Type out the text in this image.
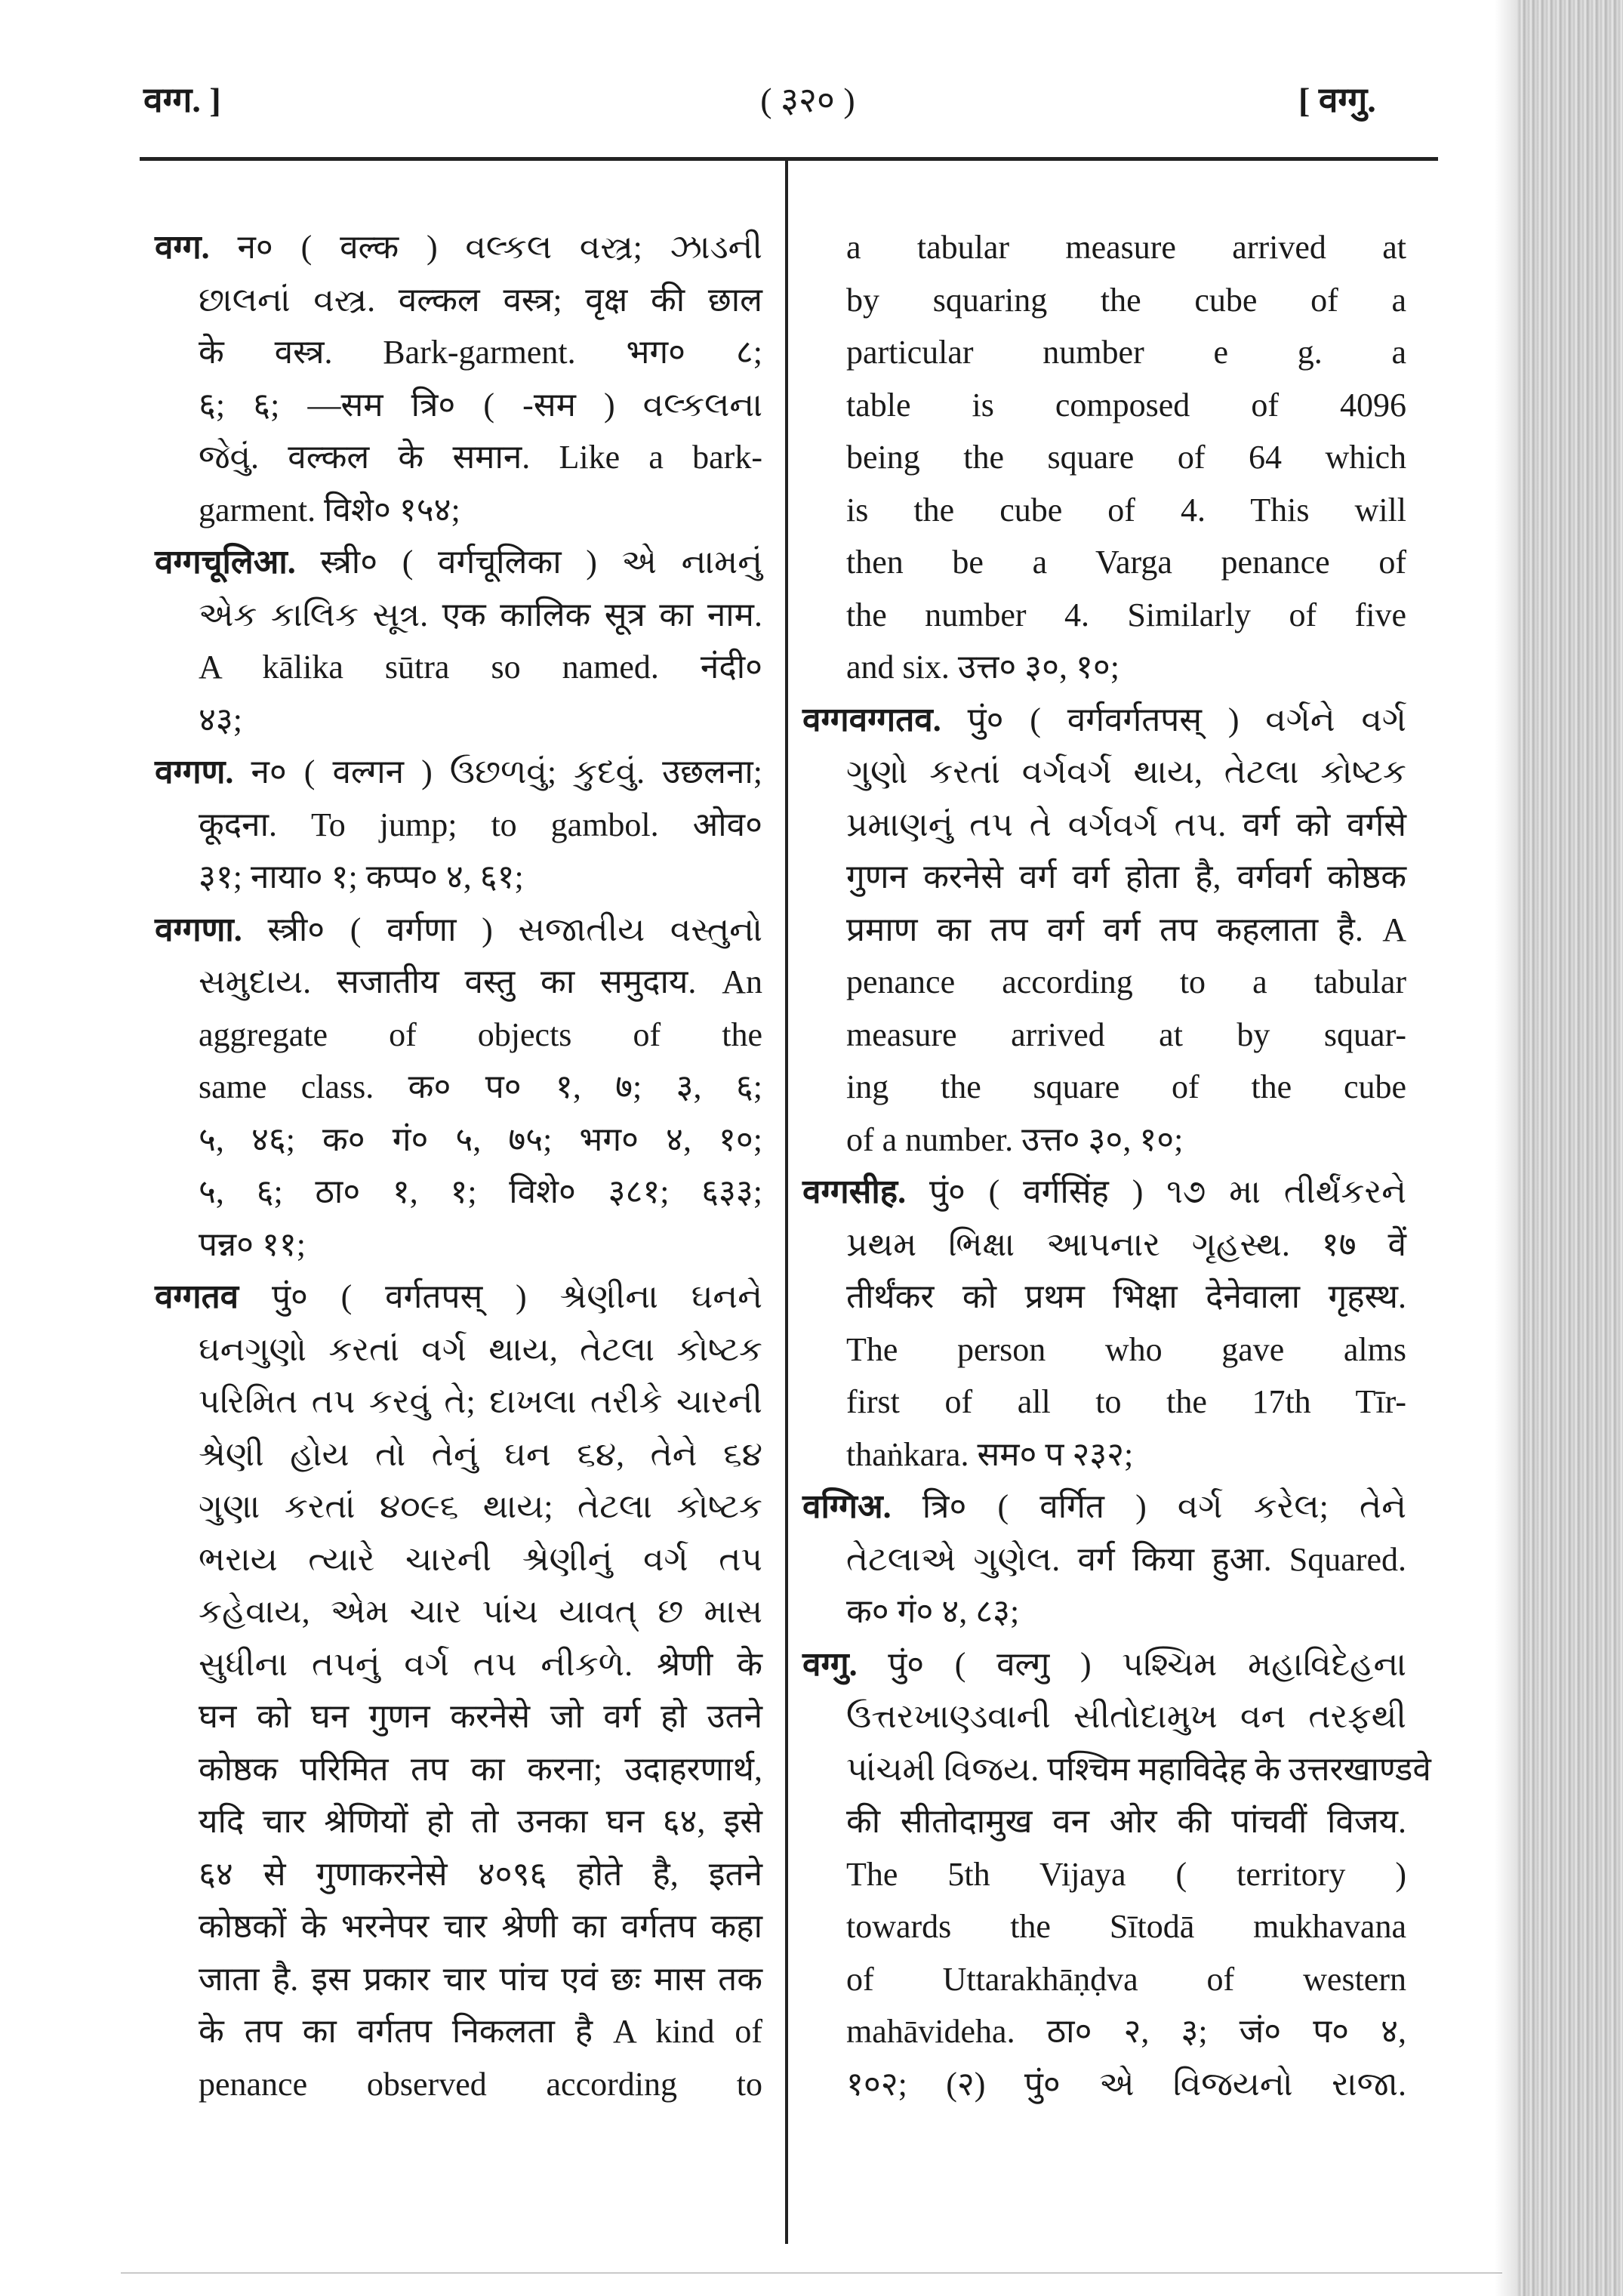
वग्ग. ]	( ३२० )	[ वग्गु.
वग्ग. न० ( वल्क ) વલ્કલ વસ્ત્ર; ઝાડની
છાલનાં વસ્ત્ર. वल्कल वस्त्र; वृक्ष की छाल
के वस्त्र. Bark-garment. भग० ८;
६; ६; —सम त्रि० ( -सम ) વલ્કલના
જેવું. वल्कल के समान. Like a bark-
garment. विशे० १५४;
वग्गचूलिआ. स्त्री० ( वर्गचूलिका ) એ નામનું
એક કાલિક સૂત્ર. एक कालिक सूत्र का नाम.
A kālika sūtra so named. नंदी०
४३;
वग्गण. न० ( वल्गन ) ઉછળવું; કુદવું. उछलना;
कूदना. To jump; to gambol. ओव०
३१; नाया० १; कप्प० ४, ६१;
वग्गणा. स्त्री० ( वर्गणा ) સજાતીય વસ્તુનો
સમુદાય. सजातीय वस्तु का समुदाय. An
aggregate of objects of the
same class. क० प० १, ७; ३, ६;
५, ४६; क० गं० ५, ७५; भग० ४, १०;
५, ६; ठा० १, १; विशे० ३८१; ६३३;
पन्न० ११;
वग्गतव पुं० ( वर्गतपस् ) શ્રેણીના ઘનને
ઘનગુણો કરતાં વર્ગ થાય, તેટલા કોષ્ટક
પરિમિત તપ કરવું તે; દાખલા તરીકે ચારની
શ્રેણી હોય તો તેનું ઘન ૬૪, તેને ૬૪
ગુણા કરતાં ૪૦૯૬ થાય; તેટલા કોષ્ટક
ભરાય ત્યારે ચારની શ્રેણીનું વર્ગ તપ
કહેવાય, એમ ચાર પાંચ યાવત્ છ માસ
સુધીના તપનું વર્ગ તપ નીકળે. श्रेणी के
घन को घन गुणन करनेसे जो वर्ग हो उतने
कोष्ठक परिमित तप का करना; उदाहरणार्थ,
यदि चार श्रेणियों हो तो उनका घन ६४, इसे
६४ से गुणाकरनेसे ४०९६ होते है, इतने
कोष्ठकों के भरनेपर चार श्रेणी का वर्गतप कहा
जाता है. इस प्रकार चार पांच एवं छः मास तक
के तप का वर्गतप निकलता है A kind of
penance observed according to
a tabular measure arrived at
by squaring the cube of a
particular number e g. a
table is composed of 4096
being the square of 64 which
is the cube of 4. This will
then be a Varga penance of
the number 4. Similarly of five
and six. उत्त० ३०, १०;
वग्गवग्गतव. पुं० ( वर्गवर्गतपस् ) વર્ગને વર્ગ
ગુણો કરતાં વર્ગવર્ગ થાય, તેટલા કોષ્ટક
પ્રમાણનું તપ તે વર્ગવર્ગ તપ. वर्ग को वर्गसे
गुणन करनेसे वर्ग वर्ग होता है, वर्गवर्ग कोष्ठक
प्रमाण का तप वर्ग वर्ग तप कहलाता है. A
penance according to a tabular
measure arrived at by squar-
ing the square of the cube
of a number. उत्त० ३०, १०;
वग्गसीह. पुं० ( वर्गसिंह ) ૧૭ મા તીર્થંકરને
પ્રથમ ભિક્ષા આપનાર ગૃહસ્થ. १७ वें
तीर्थंकर को प्रथम भिक्षा देनेवाला गृहस्थ.
The person who gave alms
first of all to the 17th Tīr-
thaṅkara. सम० प २३२;
वग्गिअ. त्रि० ( वर्गित ) વર્ગ કરેલ; તેને
તેટલાએ ગુણેલ. वर्ग किया हुआ. Squared.
क० गं० ४, ८३;
वग्गु. पुं० ( वल्गु ) પશ્ચિમ મહાવિદેહના
ઉત્તરખાણ્ડવાની સીતોદામુખ વન તરફથી
પાંચમી વિજય. पश्चिम महाविदेह के उत्तरखाण्डवे
की सीतोदामुख वन ओर की पांचवीं विजय.
The 5th Vijaya ( territory )
towards the Sītodā mukhavana
of Uttarakhāṇḍva of western
mahāvideha. ठा० २, ३; जं० प० ४,
१०२; (२) पुं० એ વિજયનો રાજા.
